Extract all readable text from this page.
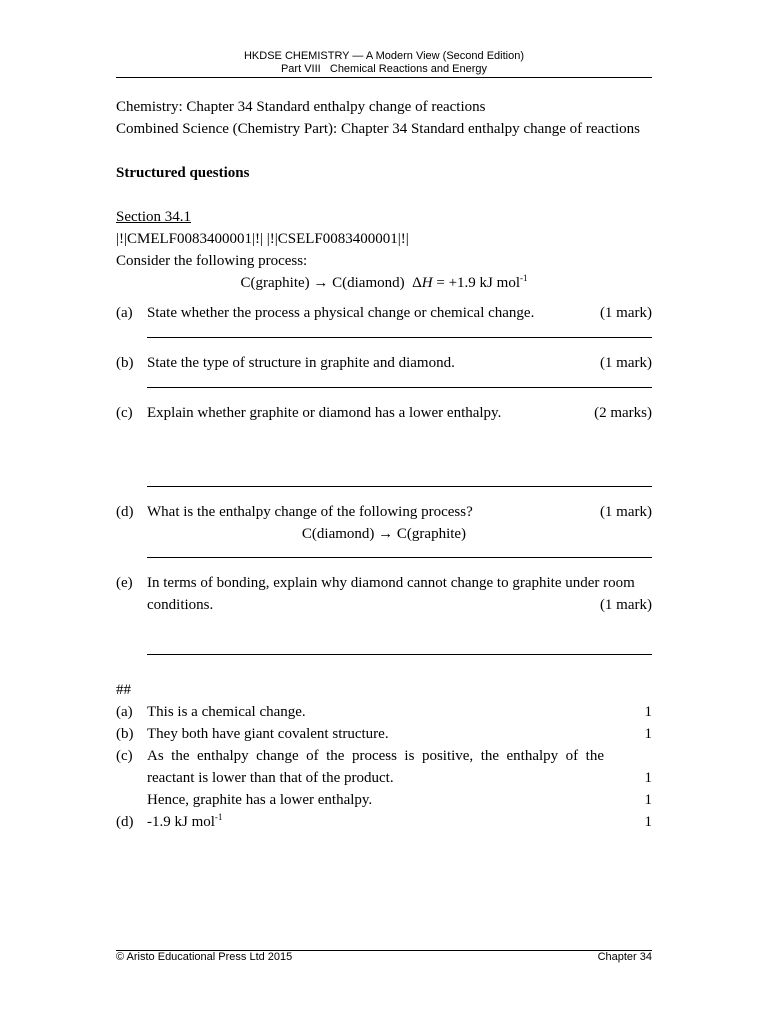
HKDSE CHEMISTRY — A Modern View (Second Edition)
Part VIII   Chemical Reactions and Energy

Chemistry: Chapter 34 Standard enthalpy change of reactions

Combined Science (Chemistry Part): Chapter 34 Standard enthalpy change of reactions

Structured questions

Section 34.1

|!|CMELF0083400001|!| |!|CSELF0083400001|!|

Consider the following process:

C(graphite) → C(diamond) ΔH = +1.9 kJ mol$^{-1}$

(a) State whether the process a physical change or chemical change.	(1 mark)
(b) State the type of structure in graphite and diamond.	(1 mark)
(c) Explain whether graphite or diamond has a lower enthalpy.	(2 marks)
(d) What is the enthalpy change of the following process?	(1 mark)

C(diamond) → C(graphite)

(e) In terms of bonding, explain why diamond cannot change to graphite under room
conditions.	(1 mark)

##

(a) This is a chemical change.	1
(b) They both have giant covalent structure.	1
(c) As the enthalpy change of the process is positive, the enthalpy of the
reactant is lower than that of the product.	1
Hence, graphite has a lower enthalpy.	1
(d) -1.9 kJ mol$^{-1}$	1
© Aristo Educational Press Ltd 2015	Chapter 34
